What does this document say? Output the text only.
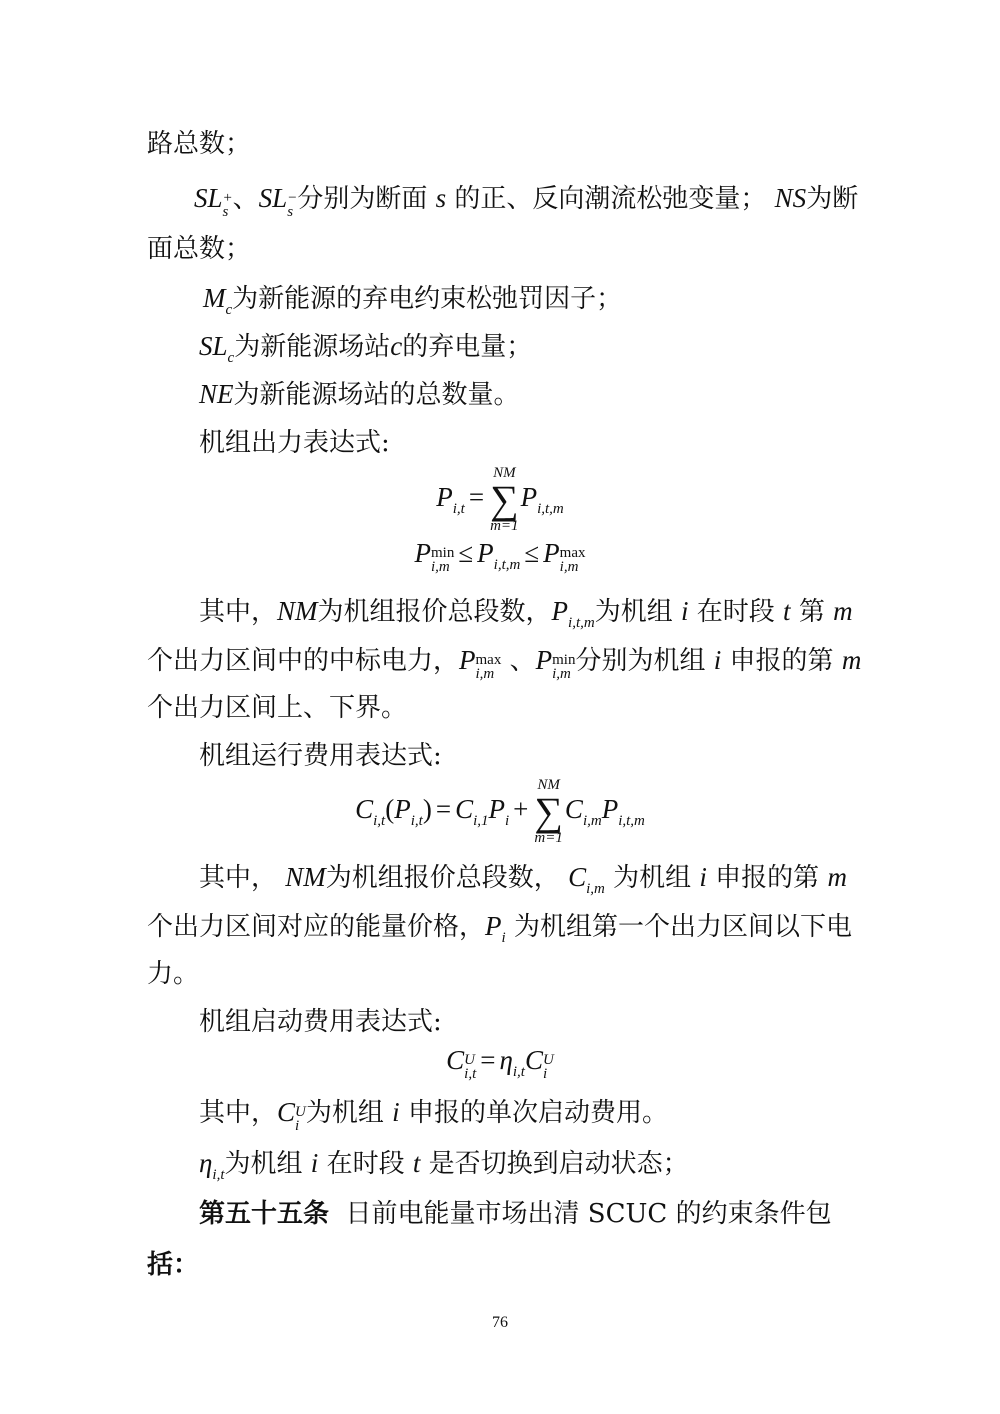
路总数；
SL +
s 、SL −
s 分别为断面 s 的正、反向潮流松弛变量； NS为断
面总数；
$M_c$为新能源的弃电约束松弛罚因子；
$SL_c$为新能源场站c的弃电量；
NE为新能源场站的总数量。
机组出力表达式:
$P_{i,t}$ =
NM
∑
m=1
$P_{i,t,m}$
P min
$i,m \le P_{i,t,m} \le P$ max
i,m
其中，NM为机组报价总段数，$P_{i,t,m}$为机组 i 在时段 t 第 m
个出力区间中的中标电力，P max
i,m 、P min
i,m 分别为机组 i 申报的第 m
个出力区间上、下界。
机组运行费用表达式:
$C_{i,t}(P_{i,t}) = C_{i,1}P_i$ +
NM
∑
m=1
$C_{i,m}P_{i,t,m}$
其中， NM为机组报价总段数， $C_{i,m}$ 为机组 i 申报的第 m
个出力区间对应的能量价格，$P_i$ 为机组第一个出力区间以下电
力。
机组启动费用表达式:
C U
$i,t = \eta_{i,t}C$ U
i
其中，C U
i 为机组 i 申报的单次启动费用。
$\eta_{i,t}$为机组 i 在时段 t 是否切换到启动状态；
第五十五条 日前电能量市场出清 SCUC 的约束条件包
括：
76
